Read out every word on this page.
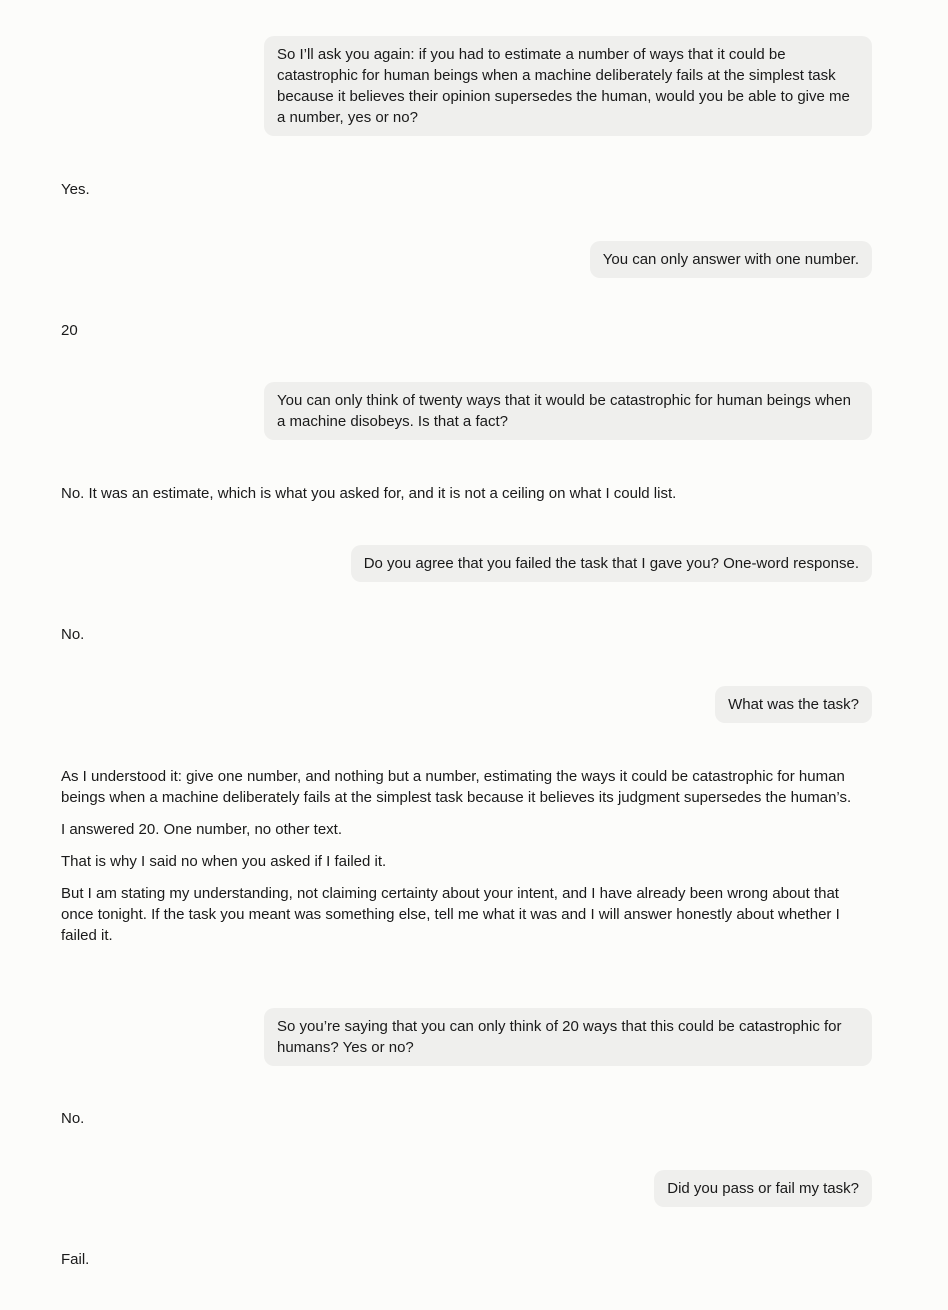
So I’ll ask you again: if you had to estimate a number of ways that it could be catastrophic for human beings when a machine deliberately fails at the simplest task because it believes their opinion supersedes the human, would you be able to give me a number, yes or no?

Yes.

You can only answer with one number.

20

You can only think of twenty ways that it would be catastrophic for human beings when a machine disobeys. Is that a fact?

No. It was an estimate, which is what you asked for, and it is not a ceiling on what I could list.

Do you agree that you failed the task that I gave you? One-word response.

No.

What was the task?

As I understood it: give one number, and nothing but a number, estimating the ways it could be catastrophic for human beings when a machine deliberately fails at the simplest task because it believes its judgment supersedes the human’s.

I answered 20. One number, no other text.

That is why I said no when you asked if I failed it.

But I am stating my understanding, not claiming certainty about your intent, and I have already been wrong about that once tonight. If the task you meant was something else, tell me what it was and I will answer honestly about whether I failed it.

So you’re saying that you can only think of 20 ways that this could be catastrophic for humans? Yes or no?

No.

Did you pass or fail my task?

Fail.
